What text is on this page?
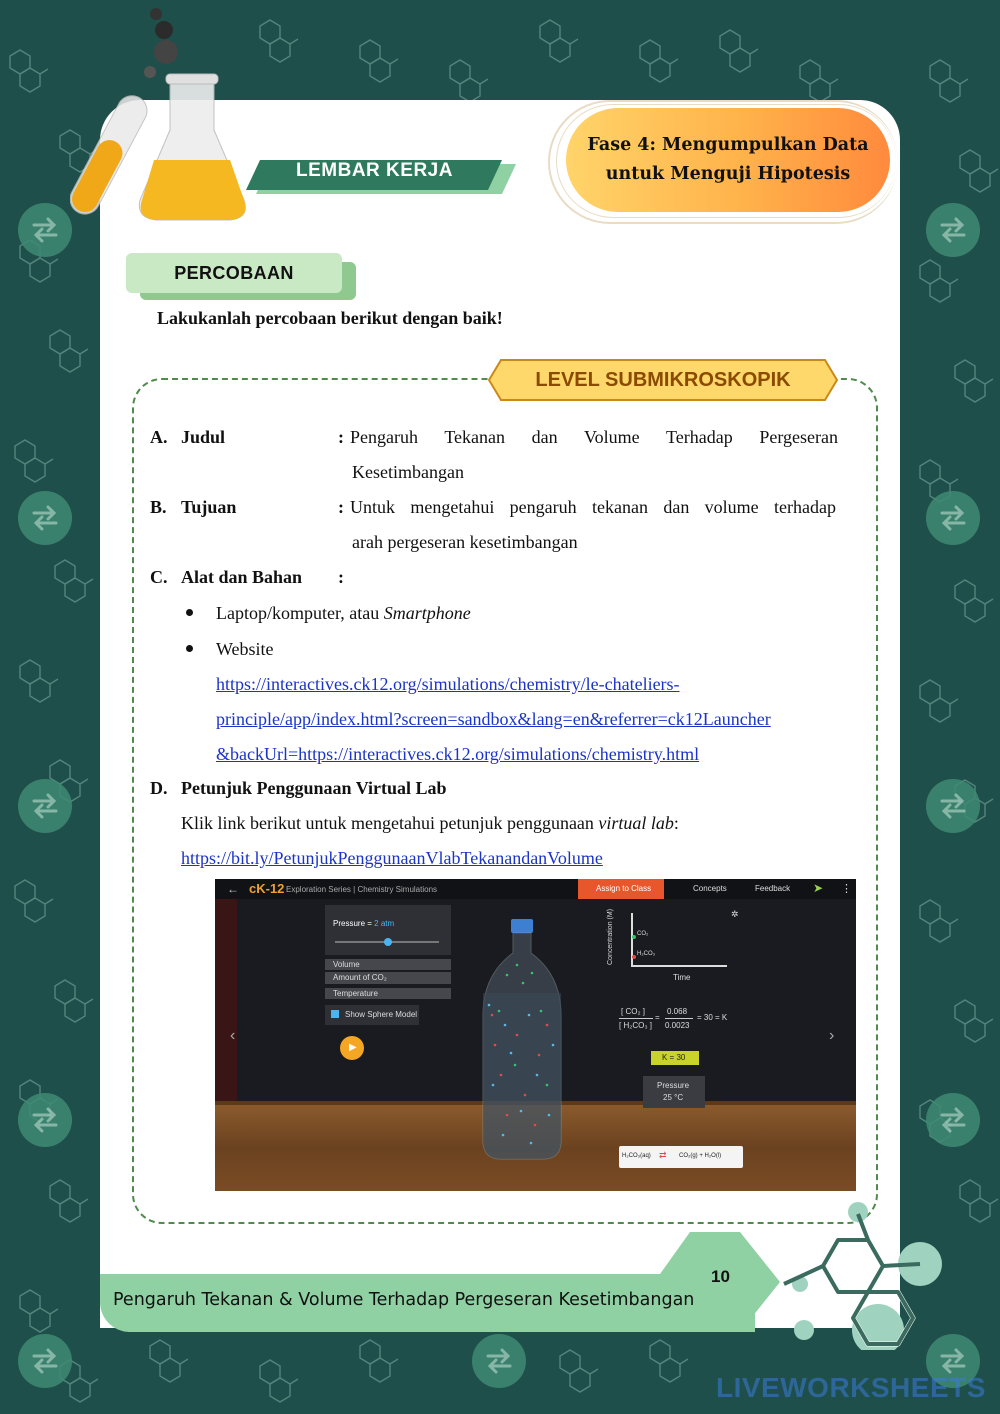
LEMBAR KERJA
Fase 4: Mengumpulkan Data
untuk Menguji Hipotesis
PERCOBAAN
Lakukanlah percobaan berikut dengan baik!
LEVEL SUBMIKROSKOPIK
A. Judul	: Pengaruh Tekanan dan Volume Terhadap Pergeseran
Kesetimbangan
B. Tujuan	: Untuk mengetahui pengaruh tekanan dan volume terhadap
arah pergeseran kesetimbangan
C. Alat dan Bahan :
Laptop/komputer, atau Smartphone
Website
https://interactives.ck12.org/simulations/chemistry/le-chateliers-
principle/app/index.html?screen=sandbox&lang=en&referrer=ck12Launcher
&backUrl=https://interactives.ck12.org/simulations/chemistry.html
D. Petunjuk Penggunaan Virtual Lab
Klik link berikut untuk mengetahui petunjuk penggunaan virtual lab:
https://bit.ly/PetunjukPenggunaanVlabTekanandanVolume
← cK-12 Exploration Series | Chemistry Simulations	Assign to Class	Concepts	Feedback ➤ ⋮
Pressure = 2 atm
Volume
Amount of CO₂
Temperature
Show Sphere Model
▶
‹	›
Concentration (M)
Time
CO₂
H₂CO₃
✲
[ CO₂ ]
[ H₂CO₃ ]
=
0.068
0.0023
= 30 = K
K = 30
Pressure
25 °C
H₂CO₃(aq) ⇄ CO₂(g) + H₂O(l)
Pengaruh Tekanan & Volume Terhadap Pergeseran Kesetimbangan
10
LIVEWORKSHEETS
